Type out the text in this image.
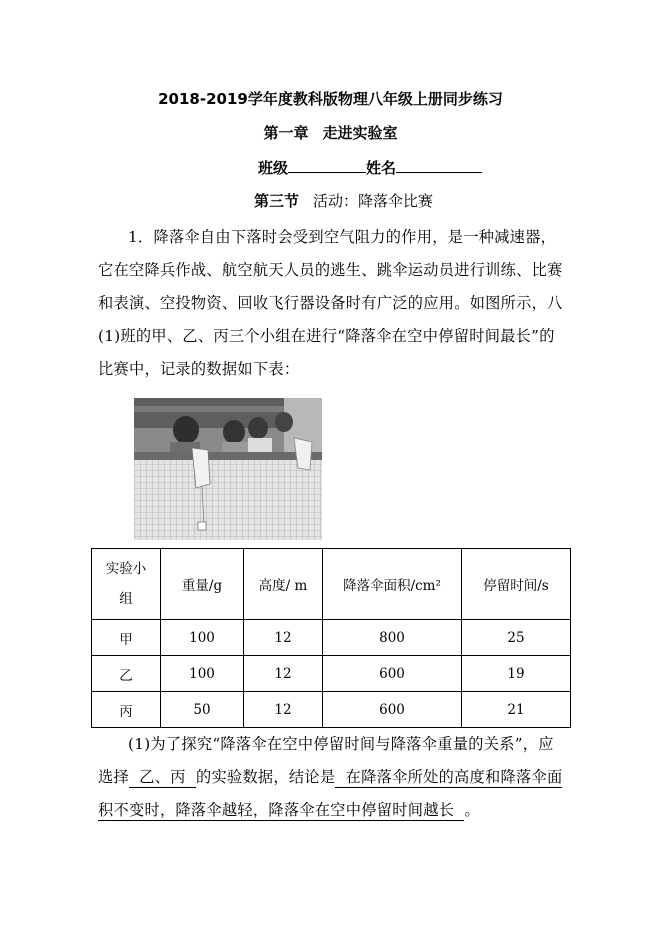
2018-2019学年度教科版物理八年级上册同步练习
第一章 走进实验室
班级	姓名
第三节 活动：降落伞比赛
1．降落伞自由下落时会受到空气阻力的作用，是一种减速器，它在空降兵作战、航空航天人员的逃生、跳伞运动员进行训练、比赛和表演、空投物资、回收飞行器设备时有广泛的应用。如图所示，八(1)班的甲、乙、丙三个小组在进行“降落伞在空中停留时间最长”的比赛中，记录的数据如下表：
实验小组	重量/g	高度/ m	降落伞面积/cm²	停留时间/s
甲	100	12	800	25
乙	100	12	600	19
丙	50	12	600	21
(1)为了探究“降落伞在空中停留时间与降落伞重量的关系”，应选择 乙、丙 的实验数据，结论是 在降落伞所处的高度和降落伞面积不变时，降落伞越轻，降落伞在空中停留时间越长 。
